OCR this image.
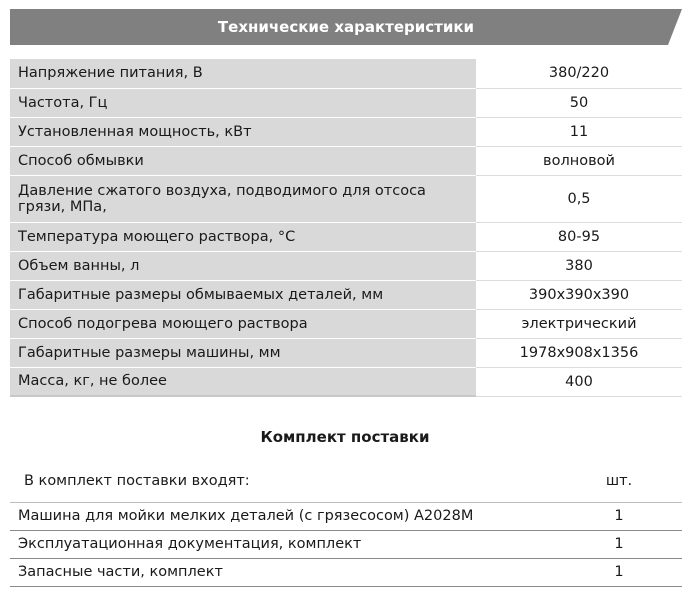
Технические характеристики
Напряжение питания, В	380/220
Частота, Гц	50
Установленная мощность, кВт	11
Способ обмывки	волновой
Давление сжатого воздуха, подводимого для отсоса грязи, МПа,	0,5
Температура моющего раствора, °С	80-95
Объем ванны, л	380
Габаритные размеры обмываемых деталей, мм	390x390x390
Способ подогрева моющего раствора	электрический
Габаритные размеры машины, мм	1978x908x1356
Масса, кг, не более	400
Комплект поставки
В комплект поставки входят:	шт.
Машина для мойки мелких деталей (с грязесосом) А2028М	1
Эксплуатационная документация, комплект	1
Запасные части, комплект	1
